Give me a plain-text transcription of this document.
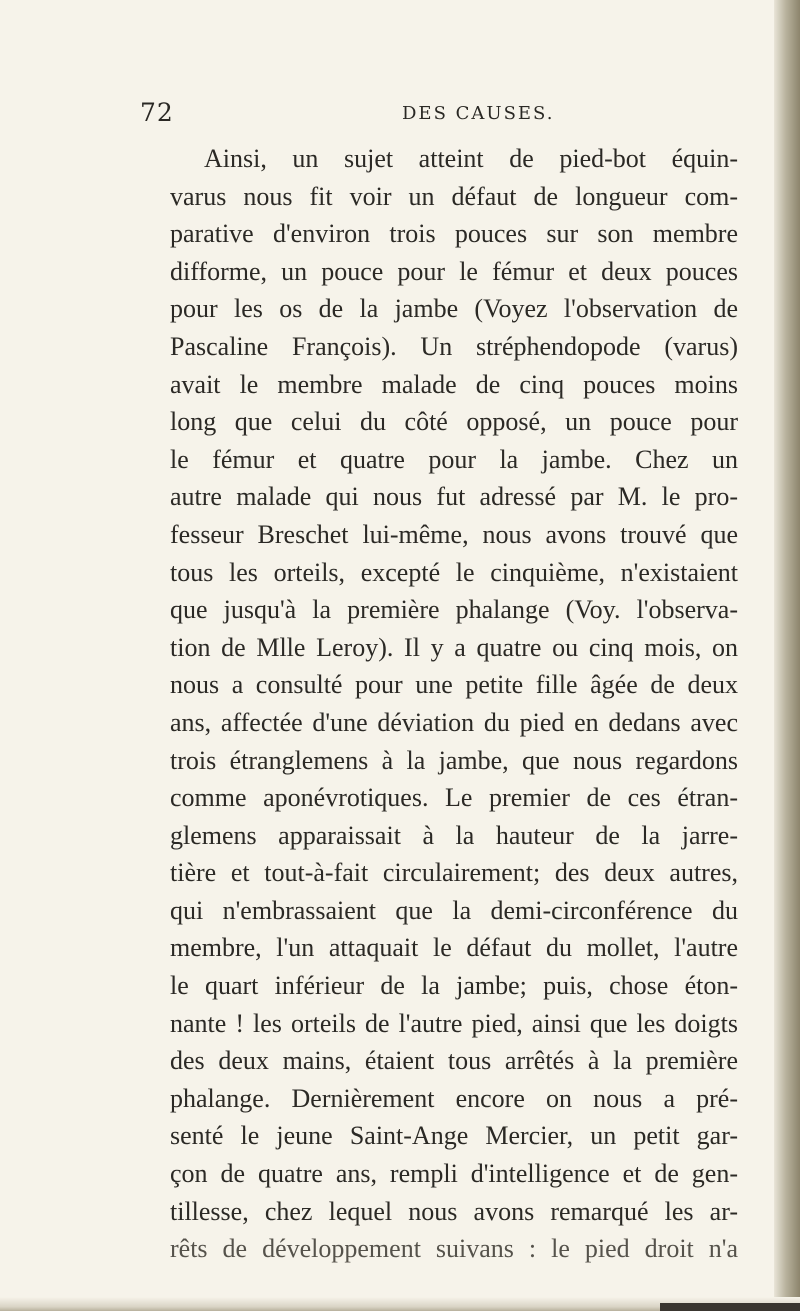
72	DES CAUSES.
Ainsi, un sujet atteint de pied-bot équin-
varus nous fit voir un défaut de longueur com-
parative d'environ trois pouces sur son membre
difforme, un pouce pour le fémur et deux pouces
pour les os de la jambe (Voyez l'observation de
Pascaline François). Un stréphendopode (varus)
avait le membre malade de cinq pouces moins
long que celui du côté opposé, un pouce pour
le fémur et quatre pour la jambe. Chez un
autre malade qui nous fut adressé par M. le pro-
fesseur Breschet lui-même, nous avons trouvé que
tous les orteils, excepté le cinquième, n'existaient
que jusqu'à la première phalange (Voy. l'observa-
tion de Mlle Leroy). Il y a quatre ou cinq mois, on
nous a consulté pour une petite fille âgée de deux
ans, affectée d'une déviation du pied en dedans avec
trois étranglemens à la jambe, que nous regardons
comme aponévrotiques. Le premier de ces étran-
glemens apparaissait à la hauteur de la jarre-
tière et tout-à-fait circulairement; des deux autres,
qui n'embrassaient que la demi-circonférence du
membre, l'un attaquait le défaut du mollet, l'autre
le quart inférieur de la jambe; puis, chose éton-
nante ! les orteils de l'autre pied, ainsi que les doigts
des deux mains, étaient tous arrêtés à la première
phalange. Dernièrement encore on nous a pré-
senté le jeune Saint-Ange Mercier, un petit gar-
çon de quatre ans, rempli d'intelligence et de gen-
tillesse, chez lequel nous avons remarqué les ar-
rêts de développement suivans : le pied droit n'a
